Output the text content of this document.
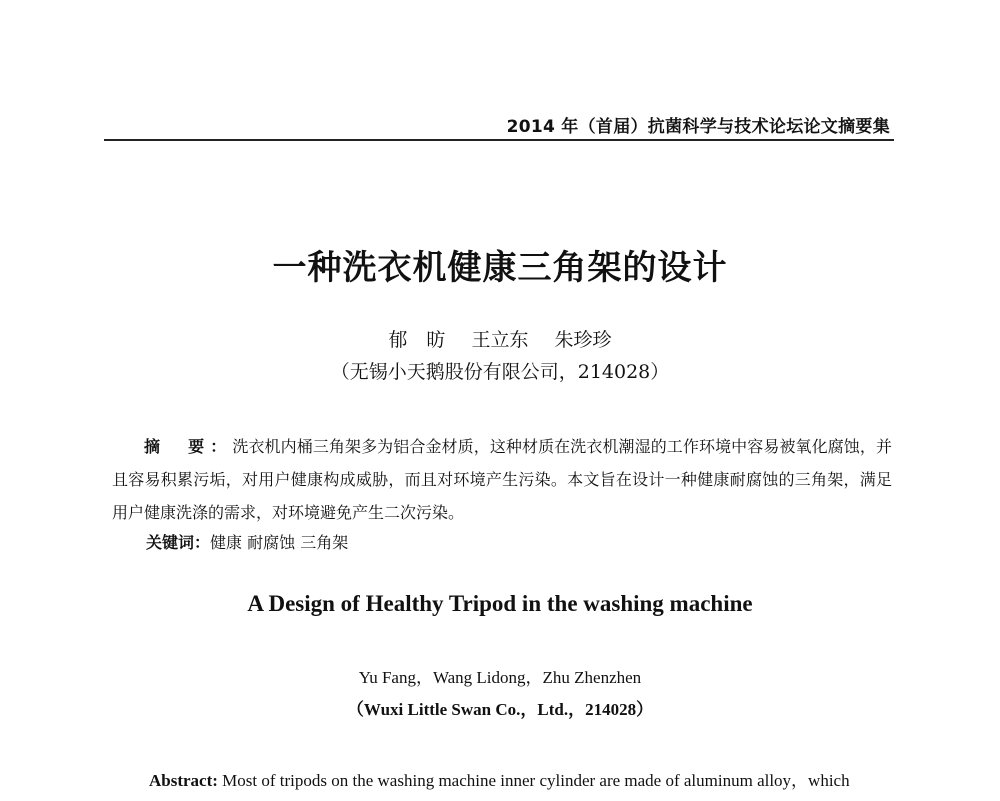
2014 年（首届）抗菌科学与技术论坛论文摘要集
一种洗衣机健康三角架的设计
郁　昉 王立东 朱珍珍
（无锡小天鹅股份有限公司，214028）
摘　要：洗衣机内桶三角架多为铝合金材质，这种材质在洗衣机潮湿的工作环境中容易被氧化腐蚀，并且容易积累污垢，对用户健康构成威胁，而且对环境产生污染。本文旨在设计一种健康耐腐蚀的三角架，满足用户健康洗涤的需求，对环境避免产生二次污染。
关键词：健康 耐腐蚀 三角架
A Design of Healthy Tripod in the washing machine
Yu Fang，Wang Lidong，Zhu Zhenzhen
（Wuxi Little Swan Co.，Ltd.，214028）
Abstract: Most of tripods on the washing machine inner cylinder are made of aluminum alloy，which
